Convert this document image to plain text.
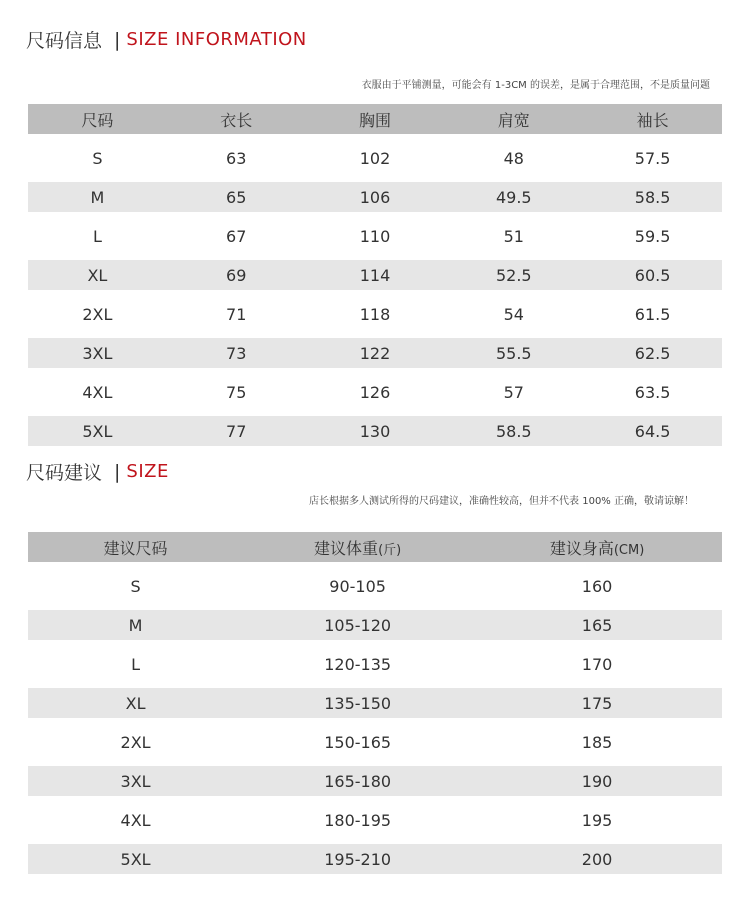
尺码信息 | SIZE INFORMATION
衣服由于平铺测量，可能会有 1-3CM 的误差，是属于合理范围，不是质量问题
尺码	衣长	胸围	肩宽	袖长
S	63	102	48	57.5
M	65	106	49.5	58.5
L	67	110	51	59.5
XL	69	114	52.5	60.5
2XL	71	118	54	61.5
3XL	73	122	55.5	62.5
4XL	75	126	57	63.5
5XL	77	130	58.5	64.5
尺码建议 | SIZE
店长根据多人测试所得的尺码建议，准确性较高，但并不代表 100% 正确，敬请谅解！
建议尺码	建议体重(斤)	建议身高(CM)
S	90-105	160
M	105-120	165
L	120-135	170
XL	135-150	175
2XL	150-165	185
3XL	165-180	190
4XL	180-195	195
5XL	195-210	200
